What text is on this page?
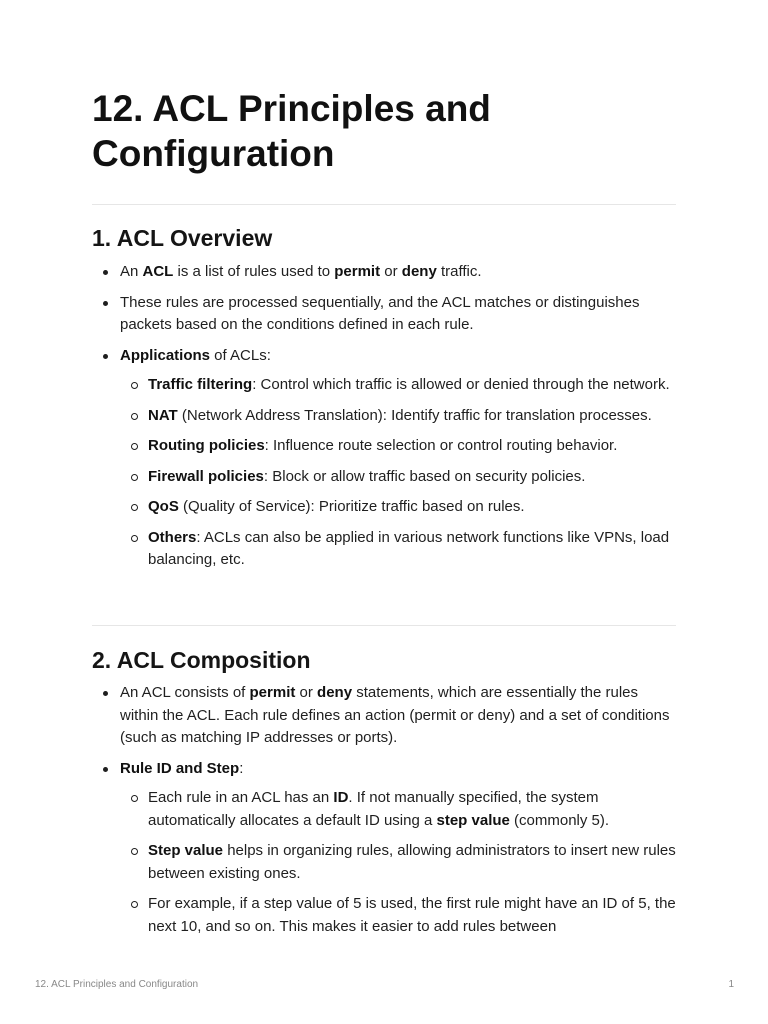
12. ACL Principles and Configuration
1. ACL Overview
An ACL is a list of rules used to permit or deny traffic.
These rules are processed sequentially, and the ACL matches or distinguishes packets based on the conditions defined in each rule.
Applications of ACLs:
Traffic filtering: Control which traffic is allowed or denied through the network.
NAT (Network Address Translation): Identify traffic for translation processes.
Routing policies: Influence route selection or control routing behavior.
Firewall policies: Block or allow traffic based on security policies.
QoS (Quality of Service): Prioritize traffic based on rules.
Others: ACLs can also be applied in various network functions like VPNs, load balancing, etc.
2. ACL Composition
An ACL consists of permit or deny statements, which are essentially the rules within the ACL. Each rule defines an action (permit or deny) and a set of conditions (such as matching IP addresses or ports).
Rule ID and Step:
Each rule in an ACL has an ID. If not manually specified, the system automatically allocates a default ID using a step value (commonly 5).
Step value helps in organizing rules, allowing administrators to insert new rules between existing ones.
For example, if a step value of 5 is used, the first rule might have an ID of 5, the next 10, and so on. This makes it easier to add rules between
12. ACL Principles and Configuration	1
